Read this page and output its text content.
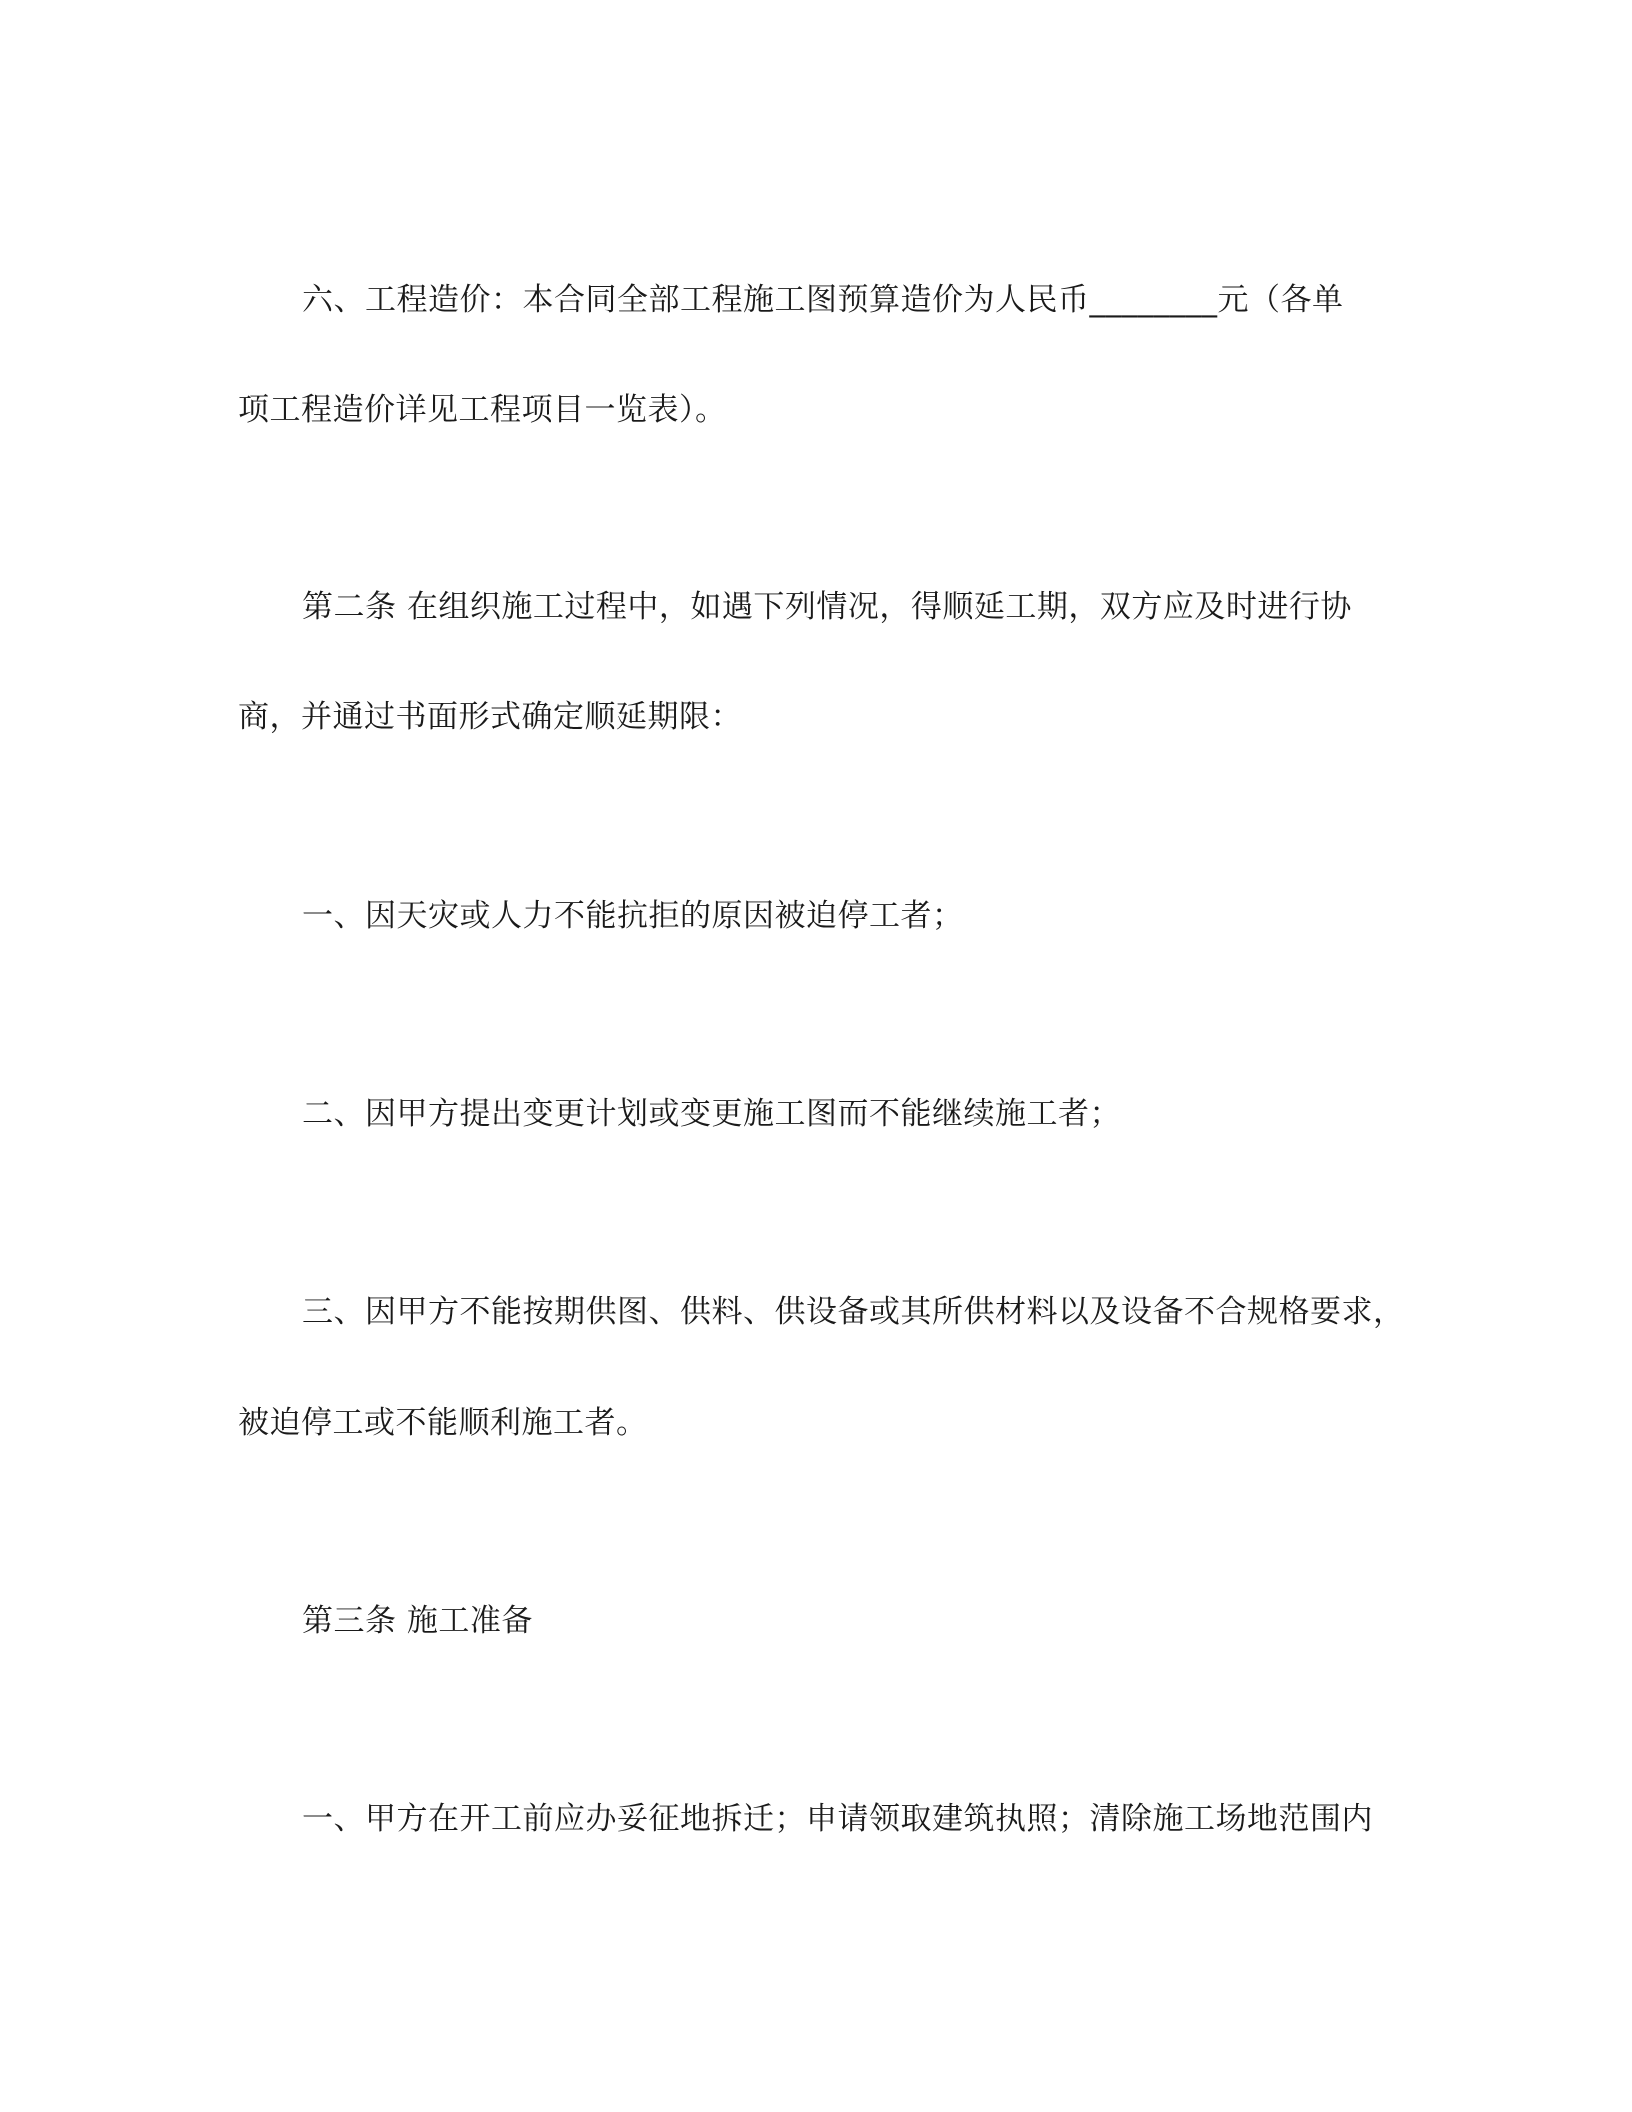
六、工程造价：本合同全部工程施工图预算造价为人民币________元（各单

项工程造价详见工程项目一览表）。

第二条 在组织施工过程中，如遇下列情况，得顺延工期，双方应及时进行协

商，并通过书面形式确定顺延期限：

一、因天灾或人力不能抗拒的原因被迫停工者；

二、因甲方提出变更计划或变更施工图而不能继续施工者；

三、因甲方不能按期供图、供料、供设备或其所供材料以及设备不合规格要求，

被迫停工或不能顺利施工者。

第三条 施工准备

一、甲方在开工前应办妥征地拆迁；申请领取建筑执照；清除施工场地范围内
